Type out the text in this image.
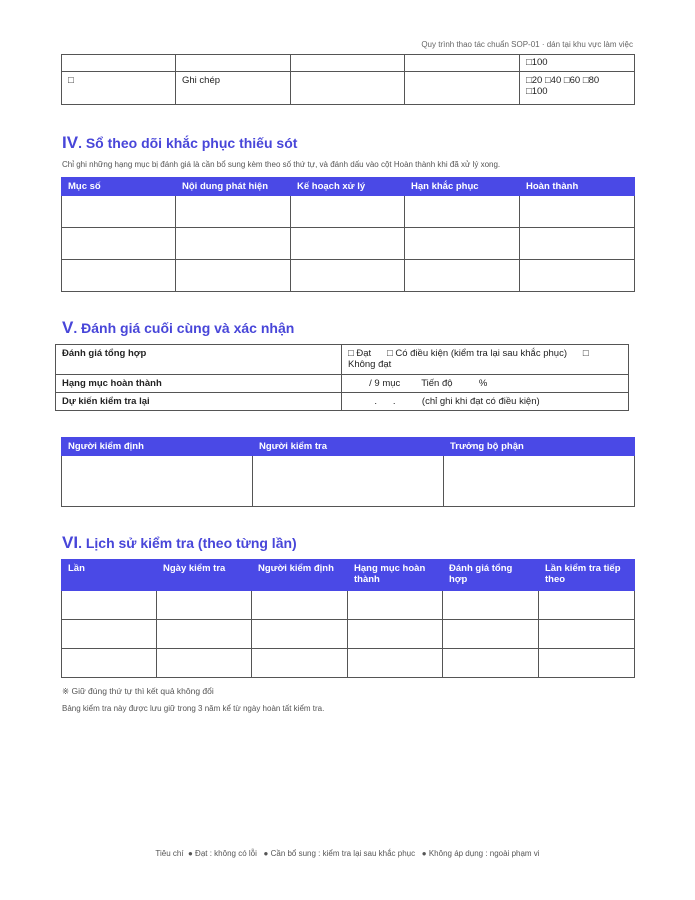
Quy trình thao tác chuẩn SOP-01 · dán tại khu vực làm việc
				□100
□	Ghi chép			□20 □40 □60 □80
□100
IV. Sổ theo dõi khắc phục thiếu sót
Chỉ ghi những hạng mục bị đánh giá là cần bổ sung kèm theo số thứ tự, và đánh dấu vào cột Hoàn thành khi đã xử lý xong.
Mục số	Nội dung phát hiện	Kế hoạch xử lý	Hạn khắc phục	Hoàn thành

V. Đánh giá cuối cùng và xác nhận
Đánh giá tổng hợp	□ Đạt      □ Có điều kiện (kiểm tra lại sau khắc phục)      □
Không đạt

Hạng mục hoàn thành	/ 9 mục        Tiến độ          %
Dự kiến kiểm tra lại	.      .          (chỉ ghi khi đạt có điều kiện)
Người kiểm định	Người kiểm tra	Trưởng bộ phận

VI. Lịch sử kiểm tra (theo từng lần)
Lần	Ngày kiểm tra	Người kiểm định	Hạng mục hoàn thành	Đánh giá tổng hợp	Lần kiểm tra tiếp theo

※ Giữ đúng thứ tự thì kết quả không đổi
Bảng kiểm tra này được lưu giữ trong 3 năm kể từ ngày hoàn tất kiểm tra.
Tiêu chí  ● Đạt : không có lỗi   ● Cần bổ sung : kiểm tra lại sau khắc phục   ● Không áp dụng : ngoài phạm vi
